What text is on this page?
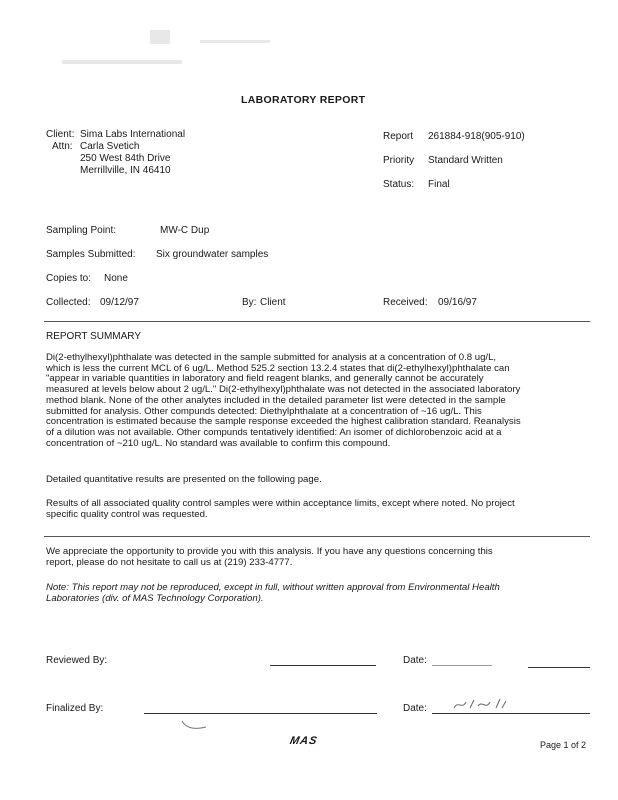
LABORATORY REPORT
Client: Sima Labs International
Attn: Carla Svetich
250 West 84th Drive
Merrillville, IN 46410
Report 261884-918(905-910)
Priority Standard Written
Status: Final
Sampling Point:	MW-C Dup
Samples Submitted: Six groundwater samples
Copies to: None
Collected: 09/12/97	By: Client	Received: 09/16/97
REPORT SUMMARY
Di(2-ethylhexyl)phthalate was detected in the sample submitted for analysis at a concentration of 0.8 ug/L,
which is less the current MCL of 6 ug/L. Method 525.2 section 13.2.4 states that di(2-ethylhexyl)phthalate can
"appear in variable quantities in laboratory and field reagent blanks, and generally cannot be accurately
measured at levels below about 2 ug/L." Di(2-ethylhexyl)phthalate was not detected in the associated laboratory
method blank. None of the other analytes included in the detailed parameter list were detected in the sample
submitted for analysis. Other compunds detected: Diethylphthalate at a concentration of ~16 ug/L. This
concentration is estimated because the sample response exceeded the highest calibration standard. Reanalysis
of a dilution was not available. Other compunds tentatively identified: An isomer of dichlorobenzoic acid at a
concentration of ~210 ug/L. No standard was available to confirm this compound.
Detailed quantitative results are presented on the following page.
Results of all associated quality control samples were within acceptance limits, except where noted. No project
specific quality control was requested.
We appreciate the opportunity to provide you with this analysis. If you have any questions concerning this
report, please do not hesitate to call us at (219) 233-4777.
Note: This report may not be reproduced, except in full, without written approval from Environmental Health
Laboratories (div. of MAS Technology Corporation).
Reviewed By:	Date:
Finalized By:	Date:
MAS	Page 1 of 2
